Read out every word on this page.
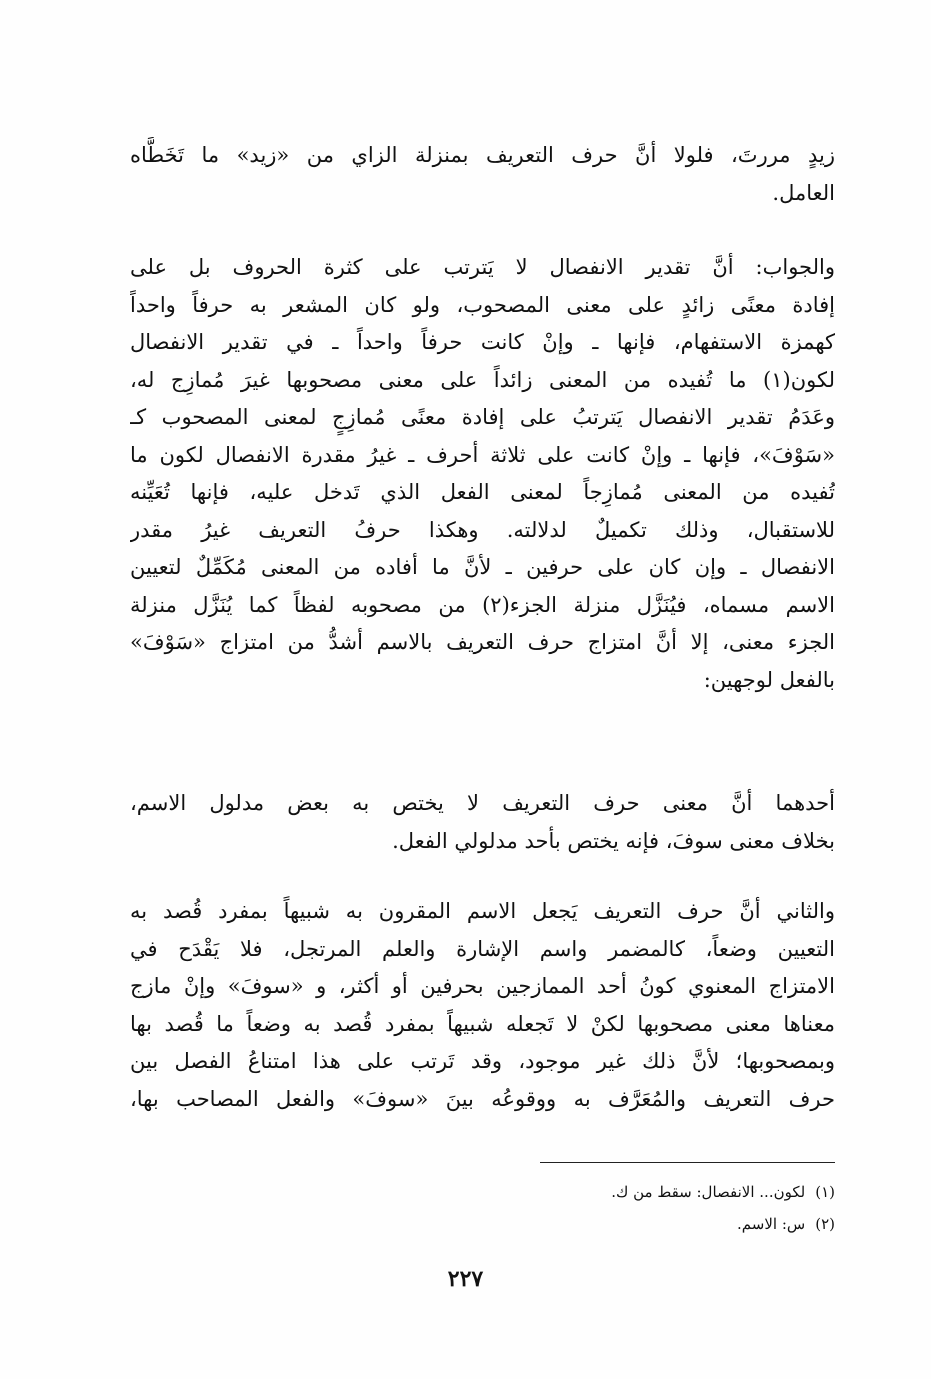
زيدٍ مررتَ، فلولا أنَّ حرف التعريف بمنزلة الزاي من «زيد» ما تَخَطَّاه
العامل.
والجواب: أنَّ تقدير الانفصال لا يَترتب على كثرة الحروف بل على
إفادة معنًى زائدٍ على معنى المصحوب، ولو كان المشعر به حرفاً واحداً
كهمزة الاستفهام، فإنها ـ وإنْ كانت حرفاً واحداً ـ في تقدير الانفصال
لكون(١) ما تُفيده من المعنى زائداً على معنى مصحوبها غيرَ مُمازِج له،
وعَدَمُ تقدير الانفصال يَترتبُ على إفادة معنًى مُمازِجٍ لمعنى المصحوب كـ
«سَوْفَ»، فإنها ـ وإنْ كانت على ثلاثة أحرف ـ غيرُ مقدرة الانفصال لكون ما
تُفيده من المعنى مُمازِجاً لمعنى الفعل الذي تَدخل عليه، فإنها تُعَيِّنه
للاستقبال، وذلك تكميلٌ لدلالته. وهكذا حرفُ التعريف غيرُ مقدر
الانفصال ـ وإن كان على حرفين ـ لأنَّ ما أفاده من المعنى مُكَمِّلٌ لتعيين
الاسم مسماه، فيُنَزَّل منزلة الجزء(٢) من مصحوبه لفظاً كما يُنَزَّل منزلة
الجزء معنى، إلا أنَّ امتزاج حرف التعريف بالاسم أشدُّ من امتزاج «سَوْفَ»
بالفعل لوجهين:
أحدهما أنَّ معنى حرف التعريف لا يختص به بعض مدلول الاسم،
بخلاف معنى سوفَ، فإنه يختص بأحد مدلولي الفعل.
والثاني أنَّ حرف التعريف يَجعل الاسم المقرون به شبيهاً بمفرد قُصد به
التعيين وضعاً، كالمضمر واسم الإشارة والعلم المرتجل، فلا يَقْدَح في
الامتزاج المعنوي كونُ أحد الممازجين بحرفين أو أكثر، و «سوفَ» وإنْ مازج
معناها معنى مصحوبها لكنْ لا تَجعله شبيهاً بمفرد قُصد به وضعاً ما قُصد بها
وبمصحوبها؛ لأنَّ ذلك غير موجود، وقد تَرتب على هذا امتناعُ الفصل بين
حرف التعريف والمُعَرَّف به ووقوعُه بينَ «سوفَ» والفعل المصاحب بها،
(١)لكون... الانفصال: سقط من ك.
(٢)س: الاسم.
٢٢٧
